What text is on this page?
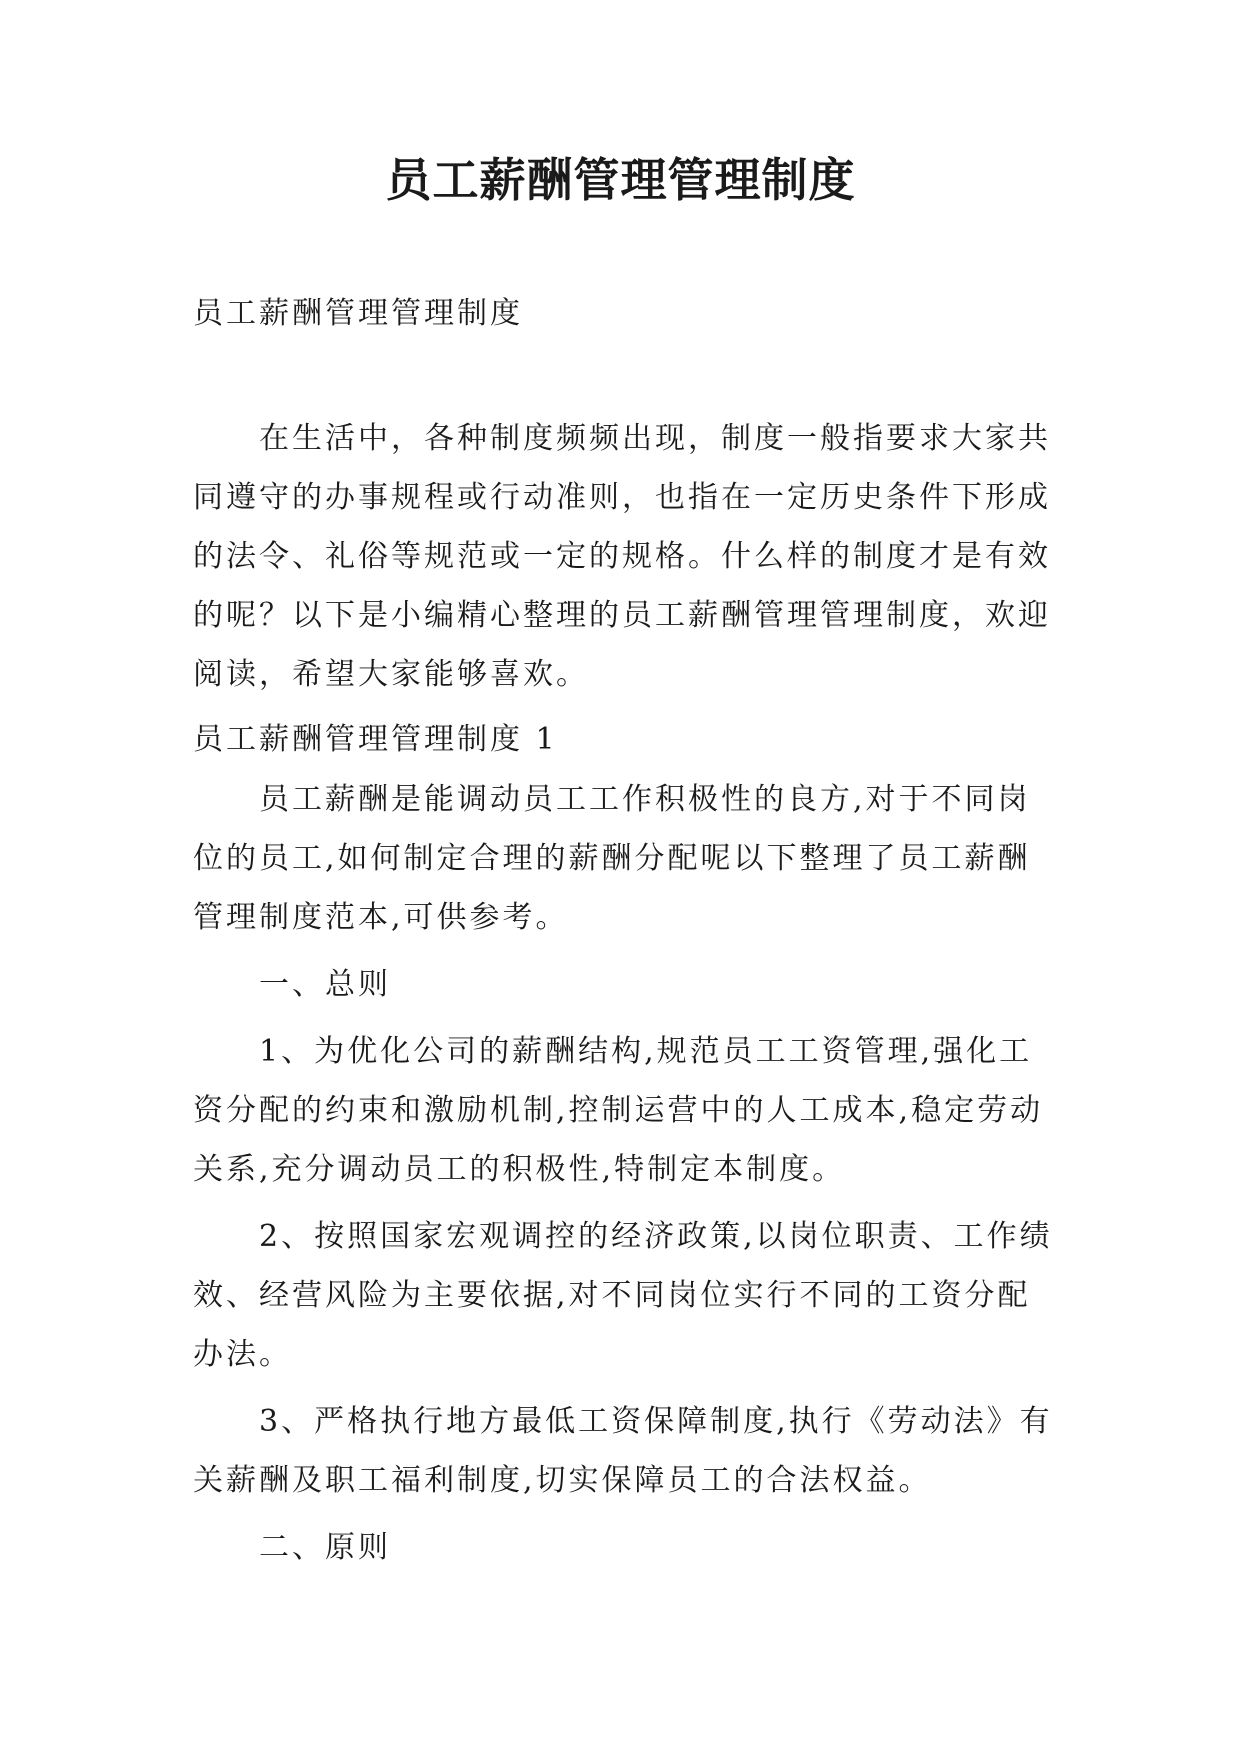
员工薪酬管理管理制度

员工薪酬管理管理制度

在生活中，各种制度频频出现，制度一般指要求大家共同遵守的办事规程或行动准则，也指在一定历史条件下形成的法令、礼俗等规范或一定的规格。什么样的制度才是有效的呢？以下是小编精心整理的员工薪酬管理管理制度，欢迎阅读，希望大家能够喜欢。

员工薪酬管理管理制度 1

员工薪酬是能调动员工工作积极性的良方,对于不同岗位的员工,如何制定合理的薪酬分配呢以下整理了员工薪酬管理制度范本,可供参考。

一、总则

1、为优化公司的薪酬结构,规范员工工资管理,强化工资分配的约束和激励机制,控制运营中的人工成本,稳定劳动关系,充分调动员工的积极性,特制定本制度。

2、按照国家宏观调控的经济政策,以岗位职责、工作绩效、经营风险为主要依据,对不同岗位实行不同的工资分配办法。

3、严格执行地方最低工资保障制度,执行《劳动法》有关薪酬及职工福利制度,切实保障员工的合法权益。

二、原则
